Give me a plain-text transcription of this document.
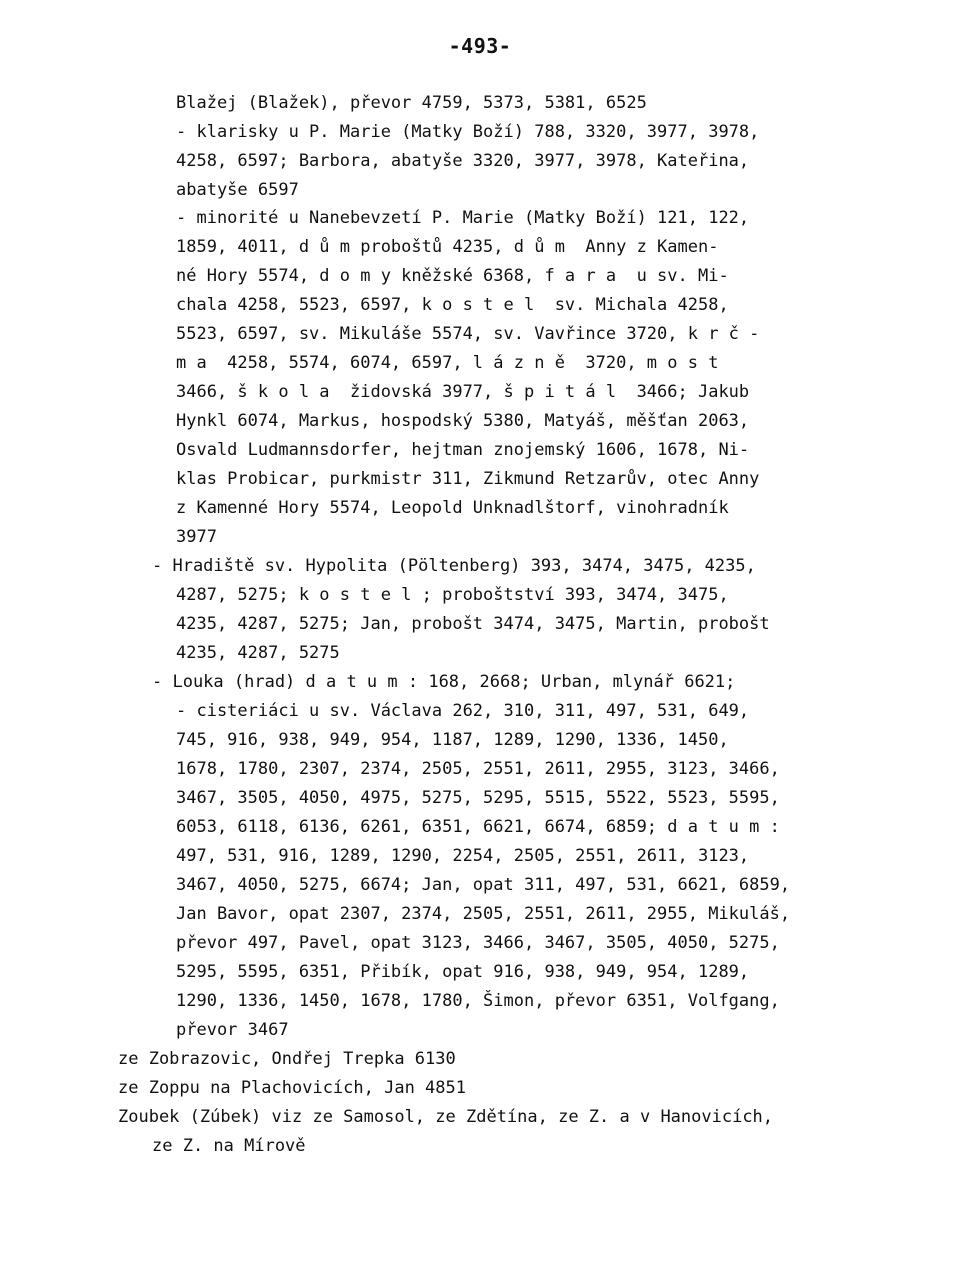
-493-
Blažej (Blažek), převor 4759, 5373, 5381, 6525
- klarisky u P. Marie (Matky Boží) 788, 3320, 3977, 3978,
4258, 6597; Barbora, abatyše 3320, 3977, 3978, Kateřina,
abatyše 6597
- minorité u Nanebevzetí P. Marie (Matky Boží) 121, 122,
1859, 4011, d ů m proboštů 4235, d ů m  Anny z Kamen-
né Hory 5574, d o m y kněžské 6368, f a r a  u sv. Mi-
chala 4258, 5523, 6597, k o s t e l  sv. Michala 4258,
5523, 6597, sv. Mikuláše 5574, sv. Vavřince 3720, k r č -
m a  4258, 5574, 6074, 6597, l á z n ě  3720, m o s t
3466, š k o l a  židovská 3977, š p i t á l  3466; Jakub
Hynkl 6074, Markus, hospodský 5380, Matyáš, měšťan 2063,
Osvald Ludmannsdorfer, hejtman znojemský 1606, 1678, Ni-
klas Probicar, purkmistr 311, Zikmund Retzarův, otec Anny
z Kamenné Hory 5574, Leopold Unknadlštorf, vinohradník
3977
- Hradiště sv. Hypolita (Pöltenberg) 393, 3474, 3475, 4235,
4287, 5275; k o s t e l ; proboštství 393, 3474, 3475,
4235, 4287, 5275; Jan, probošt 3474, 3475, Martin, probošt
4235, 4287, 5275
- Louka (hrad) d a t u m : 168, 2668; Urban, mlynář 6621;
- cisteriáci u sv. Václava 262, 310, 311, 497, 531, 649,
745, 916, 938, 949, 954, 1187, 1289, 1290, 1336, 1450,
1678, 1780, 2307, 2374, 2505, 2551, 2611, 2955, 3123, 3466,
3467, 3505, 4050, 4975, 5275, 5295, 5515, 5522, 5523, 5595,
6053, 6118, 6136, 6261, 6351, 6621, 6674, 6859; d a t u m :
497, 531, 916, 1289, 1290, 2254, 2505, 2551, 2611, 3123,
3467, 4050, 5275, 6674; Jan, opat 311, 497, 531, 6621, 6859,
Jan Bavor, opat 2307, 2374, 2505, 2551, 2611, 2955, Mikuláš,
převor 497, Pavel, opat 3123, 3466, 3467, 3505, 4050, 5275,
5295, 5595, 6351, Přibík, opat 916, 938, 949, 954, 1289,
1290, 1336, 1450, 1678, 1780, Šimon, převor 6351, Volfgang,
převor 3467
ze Zobrazovic, Ondřej Trepka 6130
ze Zoppu na Plachovicích, Jan 4851
Zoubek (Zúbek) viz ze Samosol, ze Zdětína, ze Z. a v Hanovicích,
ze Z. na Mírově
